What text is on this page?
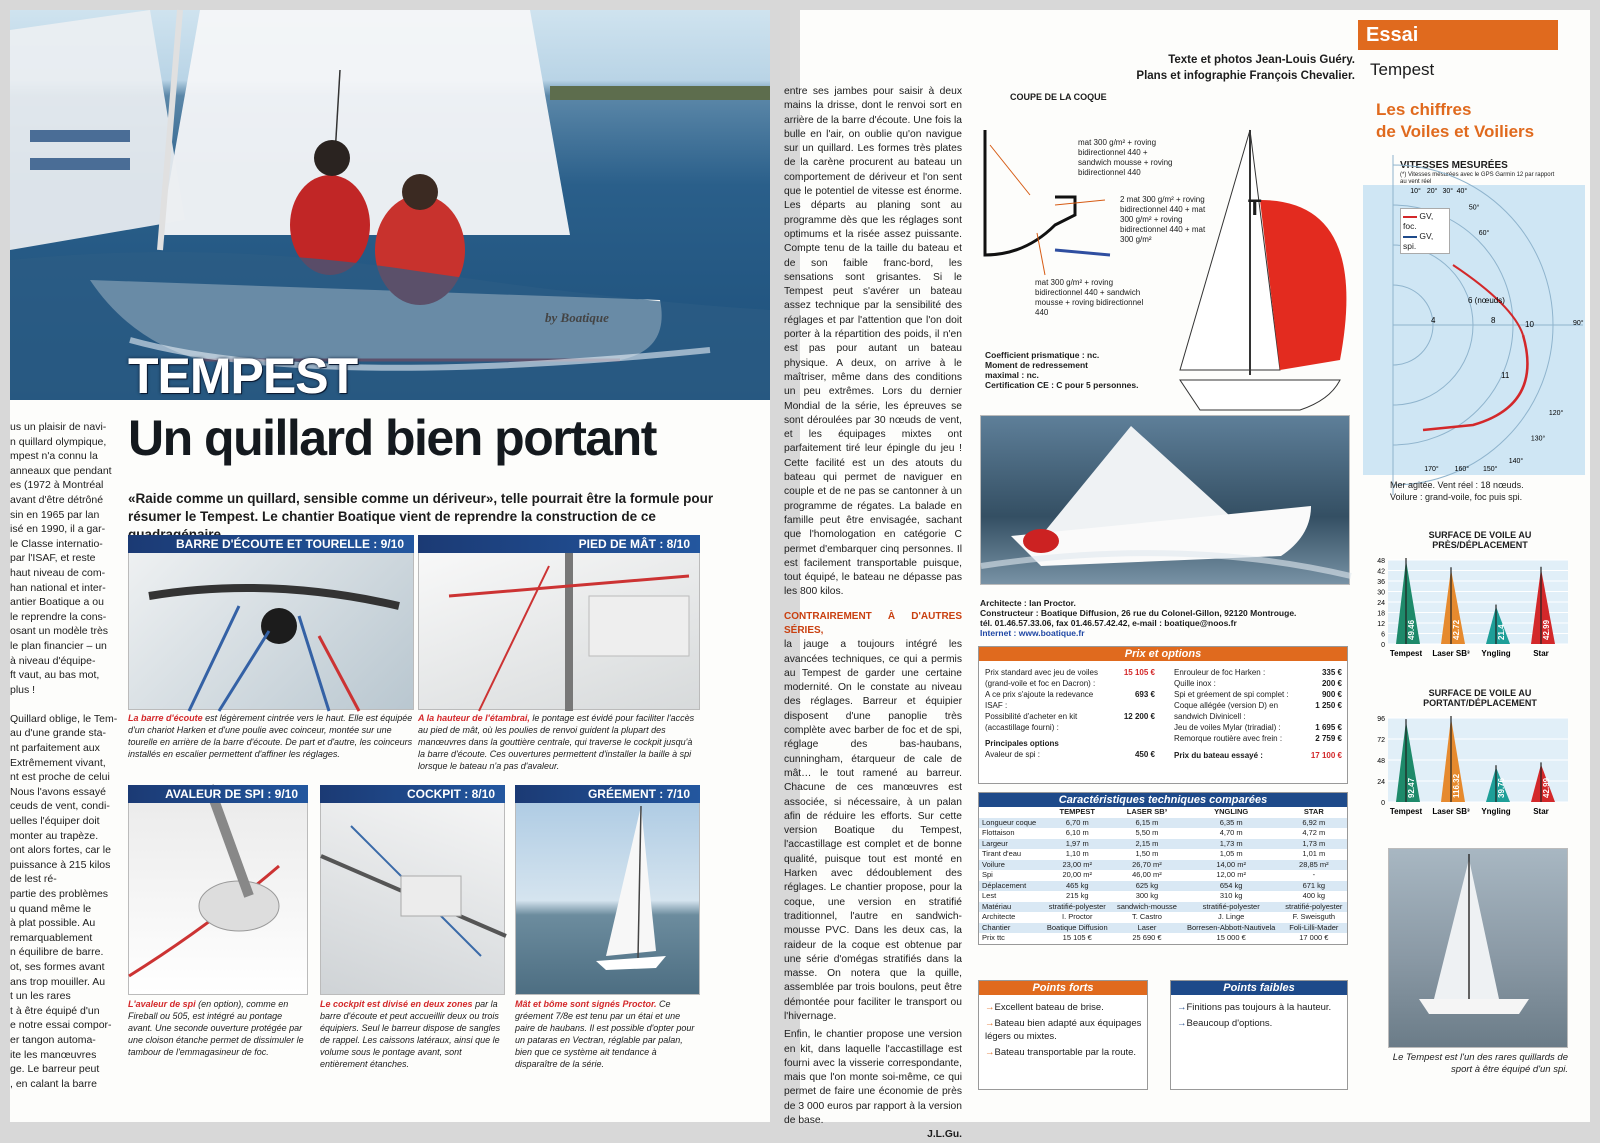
by Boatique
TEMPEST
Un quillard bien portant
«Raide comme un quillard, sensible comme un dériveur», telle pourrait être la formule pour résumer le Tempest. Le chantier Boatique vient de reprendre la construction de ce
us un plaisir de navi-
n quillard olympique,
mpest n'a connu la
anneaux que pendant
es (1972 à Montréal
avant d'être détrôné
sin en 1965 par lan
isé en 1990, il a gar-
le Classe internatio-
par l'ISAF, et reste
haut niveau de com-
han national et inter-
antier Boatique a ou
le reprendre la cons-
osant un modèle très
le plan financier – un
à niveau d'équipe-
ft vaut, au bas mot,
plus !

Quillard oblige, le Tem-
au d'une grande sta-
nt parfaitement aux
Extrêmement vivant,
nt est proche de celui
Nous l'avons essayé
ceuds de vent, condi-
uelles l'équiper doit
monter au trapèze.
ont alors fortes, car le
puissance à 215 kilos de lest ré-
partie des problèmes
u quand même le
à plat possible. Au
remarquablement
n équilibre de barre.
ot, ses formes avant
ans trop mouiller. Au
t un les rares
t à être équipé d'un
e notre essai compor-
er tangon automa-
ite les manœuvres
ge. Le barreur peut
, en calant la barre
BARRE D'ÉCOUTE ET TOURELLE : 9/10
La barre d'écoute est légèrement cintrée vers le haut. Elle est équipée d'un chariot Harken et d'une poulie avec coinceur, montée sur une tourelle en arrière de la barre d'écoute. De part et d'autre, les coinceurs installés en escalier permettent d'affiner les réglages.
PIED DE MÂT : 8/10
A la hauteur de l'étambrai, le pontage est évidé pour faciliter l'accès au pied de mât, où les poulies de renvoi guident la plupart des manœuvres dans la gouttière centrale, qui traverse le cockpit jusqu'à la barre d'écoute. Ces ouvertures permettent d'installer la baille à spi lorsque le bateau n'a pas d'avaleur.
AVALEUR DE SPI : 9/10
L'avaleur de spi (en option), comme en Fireball ou 505, est intégré au pontage avant. Une seconde ouverture protégée par une cloison étanche permet de dissimuler le tambour de l'emmagasineur de foc.
COCKPIT : 8/10
Le cockpit est divisé en deux zones par la barre d'écoute et peut accueillir deux ou trois équipiers. Seul le barreur dispose de sangles de rappel. Les caissons latéraux, ainsi que le volume sous le pontage avant, sont entièrement étanches.
GRÉEMENT : 7/10
Mât et bôme sont signés Proctor. Ce gréement 7/8e est tenu par un étai et une paire de haubans. Il est possible d'opter pour un pataras en Vectran, réglable par palan, bien que ce système ait tendance à disparaître de la série.
entre ses jambes pour saisir à deux mains la drisse, dont le renvoi sort en arrière de la barre d'écoute. Une fois la bulle en l'air, on oublie qu'on navigue sur un quillard. Les formes très plates de la carène procurent au bateau un comportement de dériveur et l'on sent que le potentiel de vitesse est énorme. Les départs au planing sont au programme dès que les réglages sont optimums et la risée assez puissante. Compte tenu de la taille du bateau et de son faible franc-bord, les sensations sont grisantes. Si le Tempest peut s'avérer un bateau assez technique par la sensibilité des réglages et par l'attention que l'on doit porter à la répartition des poids, il n'en est pas pour autant un bateau physique. A deux, on arrive à le maîtriser, même dans des conditions un peu extrêmes. Lors du dernier Mondial de la série, les épreuves se sont déroulées par 30 nœuds de vent, et les équipages mixtes ont parfaitement tiré leur épingle du jeu ! Cette facilité est un des atouts du bateau qui permet de naviguer en couple et de ne pas se cantonner à un programme de régates. La balade en famille peut être envisagée, sachant que l'homologation en catégorie C permet d'embarquer cinq personnes. Il est facilement transportable puisque, tout équipé, le bateau ne dépasse pas les 800 kilos.
CONTRAIREMENT À D'AUTRES SÉRIES,
la jauge a toujours intégré les avancées techniques, ce qui a permis au Tempest de garder une certaine modernité. On le constate au niveau des réglages. Barreur et équipier disposent d'une panoplie très complète avec barber de foc et de spi, réglage des bas-haubans, cunningham, étarqueur de cale de mât… le tout ramené au barreur. Chacune de ces manœuvres est associée, si nécessaire, à un palan afin de réduire les efforts. Sur cette version Boatique du Tempest, l'accastillage est complet et de bonne qualité, puisque tout est monté en Harken avec dédoublement des réglages. Le chantier propose, pour la coque, une version en stratifié traditionnel, l'autre en sandwich-mousse PVC. Dans les deux cas, la raideur de la coque est obtenue par une série d'omégas stratifiés dans la masse. On notera que la quille, assemblée par trois boulons, peut être démontée pour faciliter le transport ou l'hivernage.
Enfin, le chantier propose une version en kit, dans laquelle l'accastillage est fourni avec la visserie correspondante, mais que l'on monte soi-même, ce qui permet de faire une économie de près de 3 000 euros par rapport à la version de base.
J.L.Gu.
Texte et photos Jean-Louis Guéry.
Plans et infographie François Chevalier.
COUPE DE LA COQUE
mat 300 g/m² + roving bidirectionnel 440 + sandwich mousse + roving bidirectionnel 440
2 mat 300 g/m² + roving bidirectionnel 440 + mat 300 g/m² + roving bidirectionnel 440 + mat 300 g/m²
mat 300 g/m² + roving bidirectionnel 440 + sandwich mousse + roving bidirectionnel 440
Coefficient prismatique : nc.
Moment de redressement
maximal : nc.
Certification CE : C pour 5 personnes.
T
Architecte : Ian Proctor.
Constructeur : Boatique Diffusion, 26 rue du Colonel-Gillon, 92120 Montrouge.
tél. 01.46.57.33.06, fax 01.46.57.42.42, e-mail : boatique@noos.fr
Internet : www.boatique.fr
Prix et options
Prix standard avec jeu de voiles (grand-voile et foc en Dacron) :
15 105 €
A ce prix s'ajoute la redevance ISAF :
693 €
Possibilité d'acheter en kit (accastillage fourni) :
12 200 €
Principales options
Avaleur de spi :	450 €
Enrouleur de foc Harken :	335 €
Quille inox :	200 €
Spi et gréement de spi complet :	900 €
Coque allégée (version D) en sandwich Divinicell :
1 250 €
Jeu de voiles Mylar (triradial) :	1 695 €
Remorque routière avec frein :	2 759 €
Prix du bateau essayé :	17 100 €
Caractéristiques techniques comparées
	TEMPEST	LASER SB³	YNGLING	STAR
Longueur coque	6,70 m	6,15 m	6,35 m	6,92 m
Flottaison	6,10 m	5,50 m	4,70 m	4,72 m
Largeur	1,97 m	2,15 m	1,73 m	1,73 m
Tirant d'eau	1,10 m	1,50 m	1,05 m	1,01 m
Voilure	23,00 m²	26,70 m²	14,00 m²	28,85 m²
Spi	20,00 m²	46,00 m²	12,00 m²	-
Déplacement	465 kg	625 kg	654 kg	671 kg
Lest	215 kg	300 kg	310 kg	400 kg
Matériau	stratifié-polyester	sandwich-mousse	stratifié-polyester	stratifié-polyester
Architecte	I. Proctor	T. Castro	J. Linge	F. Sweisguth
Chantier	Boatique Diffusion	Laser	Borresen-Abbott-Nautivela	Foli-Lilli-Mader
Prix ttc	15 105 €	25 690 €	15 000 €	17 000 €
Points forts
→Excellent bateau de brise.
→Bateau bien adapté aux équipages légers ou mixtes.
→Bateau transportable par la route.
Points faibles
→Finitions pas toujours à la hauteur.
→Beaucoup d'options.
Essai
Tempest
Les chiffres
de Voiles et Voiliers
VITESSES MESURÉES
(*) Vitesses mesurées avec le GPS Garmin 12 par rapport au vent réel
10° 20° 30° 40°
50°
60°
90°
120°
130°
140°
150°
160°
170°
4
6 (nœuds)
8	10
11
GV, foc.
GV, spi.
Mer agitée. Vent réel : 18 nœuds.
Voilure : grand-voile, foc puis spi.
SURFACE DE VOILE AU PRÈS/DÉPLACEMENT
48
42
36
30
24
18
12
6
0
49.46
Tempest
42.72
Laser SB³
21.4
Yngling
42.99
Star
SURFACE DE VOILE AU PORTANT/DÉPLACEMENT
96
72
48
24
0
92.47
Tempest
116.32
Laser SB³
39.76
Yngling
42.99
Star
Le Tempest est l'un des rares quillards de sport à être équipé d'un spi.
